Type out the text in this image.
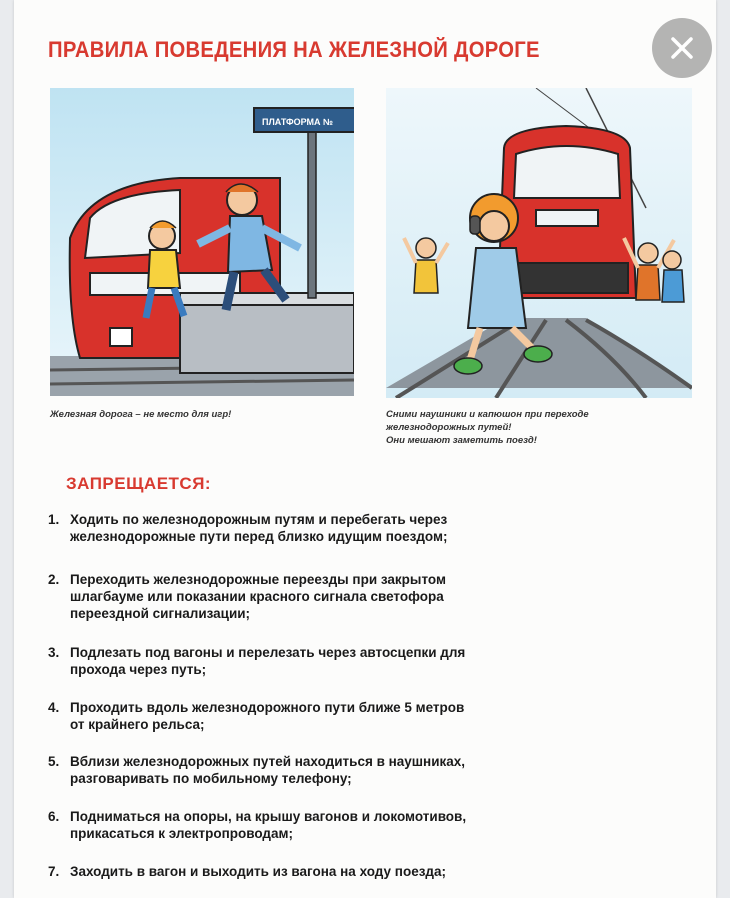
ПРАВИЛА ПОВЕДЕНИЯ НА ЖЕЛЕЗНОЙ ДОРОГЕ
ПЛАТФОРМА №
Железная дорога – не место для игр!	Сними наушники и капюшон при переходе
железнодорожных путей!
Они мешают заметить поезд!
ЗАПРЕЩАЕТСЯ:
1. Ходить по железнодорожным путям и перебегать через
железнодорожные пути перед близко идущим поездом;
2. Переходить железнодорожные переезды при закрытом
шлагбауме или показании красного сигнала светофора
переездной сигнализации;
3. Подлезать под вагоны и перелезать через автосцепки для
прохода через путь;
4. Проходить вдоль железнодорожного пути ближе 5 метров
от крайнего рельса;
5. Вблизи железнодорожных путей находиться в наушниках,
разговаривать по мобильному телефону;
6. Подниматься на опоры, на крышу вагонов и локомотивов,
прикасаться к электропроводам;
7. Заходить в вагон и выходить из вагона на ходу поезда;
